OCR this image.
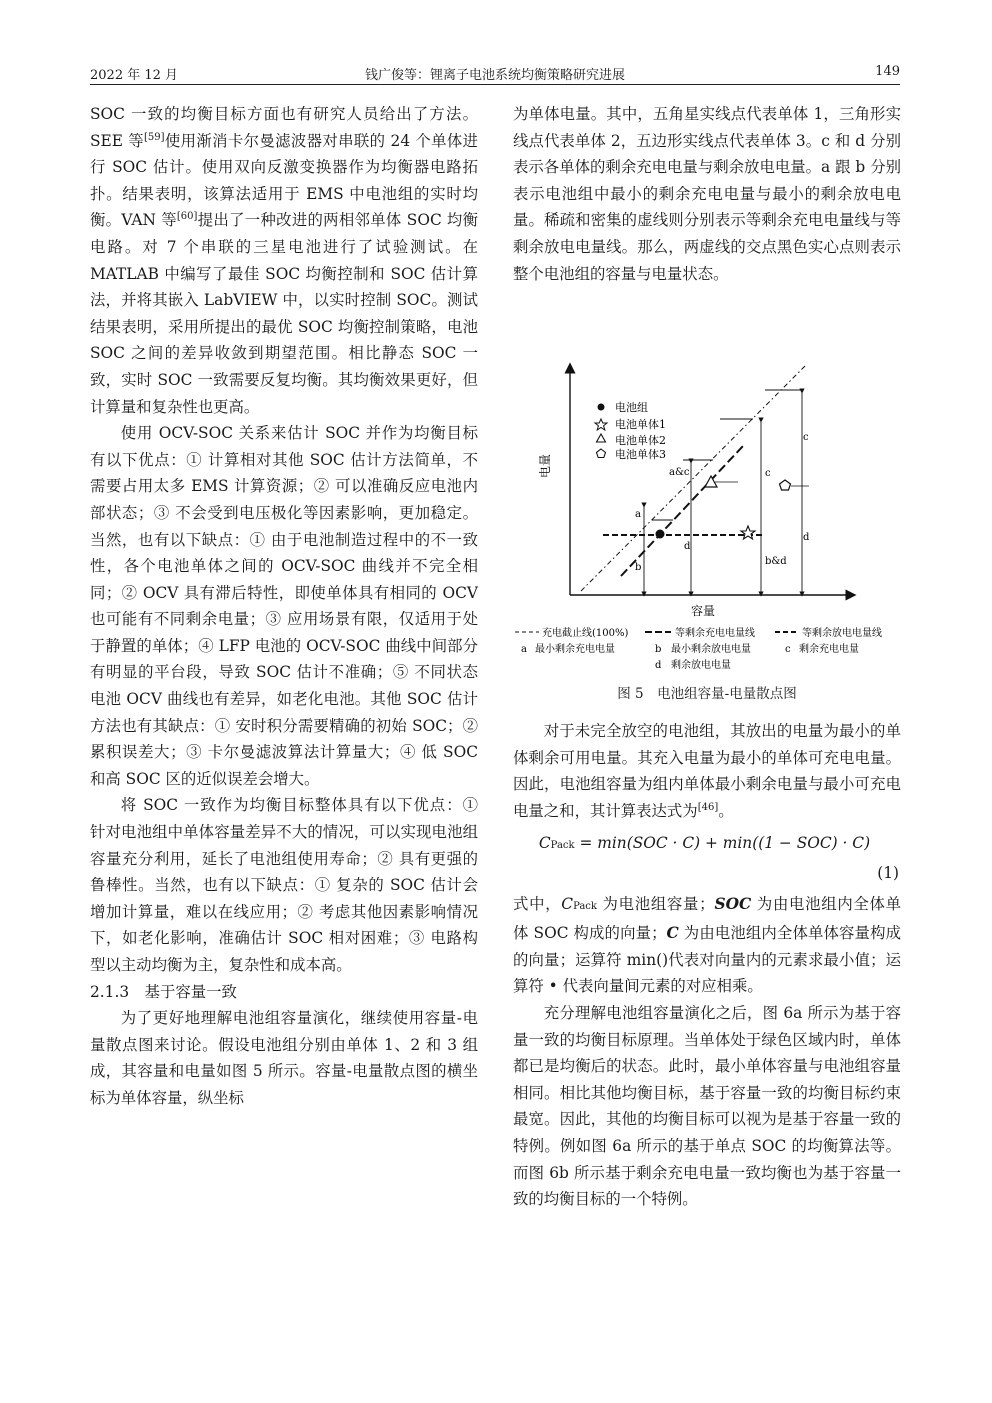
2022 年 12 月	钱广俊等：锂离子电池系统均衡策略研究进展	149

SOC 一致的均衡目标方面也有研究人员给出了方法。SEE 等[59]使用渐消卡尔曼滤波器对串联的 24 个单体进行 SOC 估计。使用双向反激变换器作为均衡器电路拓扑。结果表明，该算法适用于 EMS 中电池组的实时均衡。VAN 等[60]提出了一种改进的两相邻单体 SOC 均衡电路。对 7 个串联的三星电池进行了试验测试。在 MATLAB 中编写了最佳 SOC 均衡控制和 SOC 估计算法，并将其嵌入 LabVIEW 中，以实时控制 SOC。测试结果表明，采用所提出的最优 SOC 均衡控制策略，电池 SOC 之间的差异收敛到期望范围。相比静态 SOC 一致，实时 SOC 一致需要反复均衡。其均衡效果更好，但计算量和复杂性也更高。

使用 OCV-SOC 关系来估计 SOC 并作为均衡目标有以下优点：① 计算相对其他 SOC 估计方法简单，不需要占用太多 EMS 计算资源；② 可以准确反应电池内部状态；③ 不会受到电压极化等因素影响，更加稳定。当然，也有以下缺点：① 由于电池制造过程中的不一致性，各个电池单体之间的 OCV-SOC 曲线并不完全相同；② OCV 具有滞后特性，即使单体具有相同的 OCV 也可能有不同剩余电量；③ 应用场景有限，仅适用于处于静置的单体；④ LFP 电池的 OCV-SOC 曲线中间部分有明显的平台段，导致 SOC 估计不准确；⑤ 不同状态电池 OCV 曲线也有差异，如老化电池。其他 SOC 估计方法也有其缺点：① 安时积分需要精确的初始 SOC；② 累积误差大；③ 卡尔曼滤波算法计算量大；④ 低 SOC 和高 SOC 区的近似误差会增大。

将 SOC 一致作为均衡目标整体具有以下优点：① 针对电池组中单体容量差异不大的情况，可以实现电池组容量充分利用，延长了电池组使用寿命；② 具有更强的鲁棒性。当然，也有以下缺点：① 复杂的 SOC 估计会增加计算量，难以在线应用；② 考虑其他因素影响情况下，如老化影响，准确估计 SOC 相对困难；③ 电路构型以主动均衡为主，复杂性和成本高。

2.1.3　基于容量一致

为了更好地理解电池组容量演化，继续使用容量-电量散点图来讨论。假设电池组分别由单体 1、2 和 3 组成，其容量和电量如图 5 所示。容量-电量散点图的横坐标为单体容量，纵坐标

为单体电量。其中，五角星实线点代表单体 1，三角形实线点代表单体 2，五边形实线点代表单体 3。c 和 d 分别表示各单体的剩余充电电量与剩余放电电量。a 跟 b 分别表示电池组中最小的剩余充电电量与最小的剩余放电电量。稀疏和密集的虚线则分别表示等剩余充电电量线与等剩余放电电量线。那么，两虚线的交点黑色实心点则表示整个电池组的容量与电量状态。

电量
容量
电池组
电池单体1
电池单体2
电池单体3
a
b
a&c
d
c
b&d
c
d
充电截止线(100%)	等剩余充电电量线	等剩余放电电量线
a 最小剩余充电电量	b 最小剩余放电电量	c 剩余充电电量
d 剩余放电电量
图 5　电池组容量-电量散点图

对于未完全放空的电池组，其放出的电量为最小的单体剩余可用电量。其充入电量为最小的单体可充电电量。因此，电池组容量为组内单体最小剩余电量与最小可充电电量之和，其计算表达式为[46]。

CPack = min(SOC · C) + min((1 − SOC) · C)  (1)

式中，CPack 为电池组容量；SOC 为由电池组内全体单体 SOC 构成的向量；C 为由电池组内全体单体容量构成的向量；运算符 min()代表对向量内的元素求最小值；运算符 • 代表向量间元素的对应相乘。

充分理解电池组容量演化之后，图 6a 所示为基于容量一致的均衡目标原理。当单体处于绿色区域内时，单体都已是均衡后的状态。此时，最小单体容量与电池组容量相同。相比其他均衡目标，基于容量一致的均衡目标约束最宽。因此，其他的均衡目标可以视为是基于容量一致的特例。例如图 6a 所示的基于单点 SOC 的均衡算法等。而图 6b 所示基于剩余充电电量一致均衡也为基于容量一致的均衡目标的一个特例。
